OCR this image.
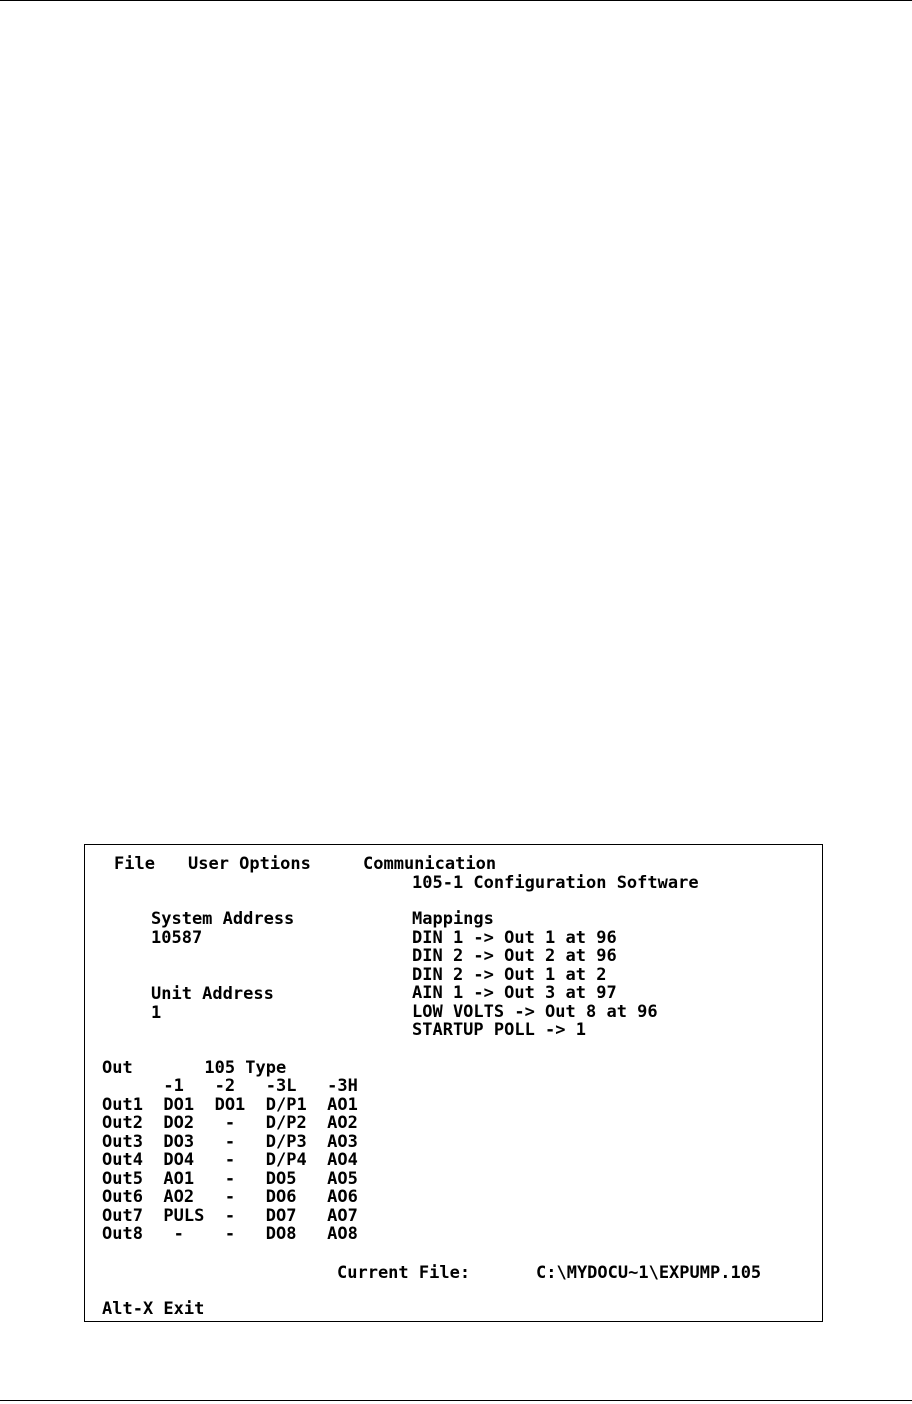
File User Options	Communication
105-1 Configuration Software
System Address
10587
Unit Address
1
Mappings
DIN 1 -> Out 1 at 96
DIN 2 -> Out 2 at 96
DIN 2 -> Out 1 at 2
AIN 1 -> Out 3 at 97
LOW VOLTS -> Out 8 at 96
STARTUP POLL -> 1
Out       105 Type
-1   -2   -3L   -3H
Out1  DO1  DO1  D/P1  AO1
Out2  DO2   -   D/P2  AO2
Out3  DO3   -   D/P3  AO3
Out4  DO4   -   D/P4  AO4
Out5  AO1   -   DO5   AO5
Out6  AO2   -   DO6   AO6
Out7  PULS  -   DO7   AO7
Out8   -    -   DO8   AO8
Current File:	C:\MYDOCU~1\EXPUMP.105
Alt-X Exit
